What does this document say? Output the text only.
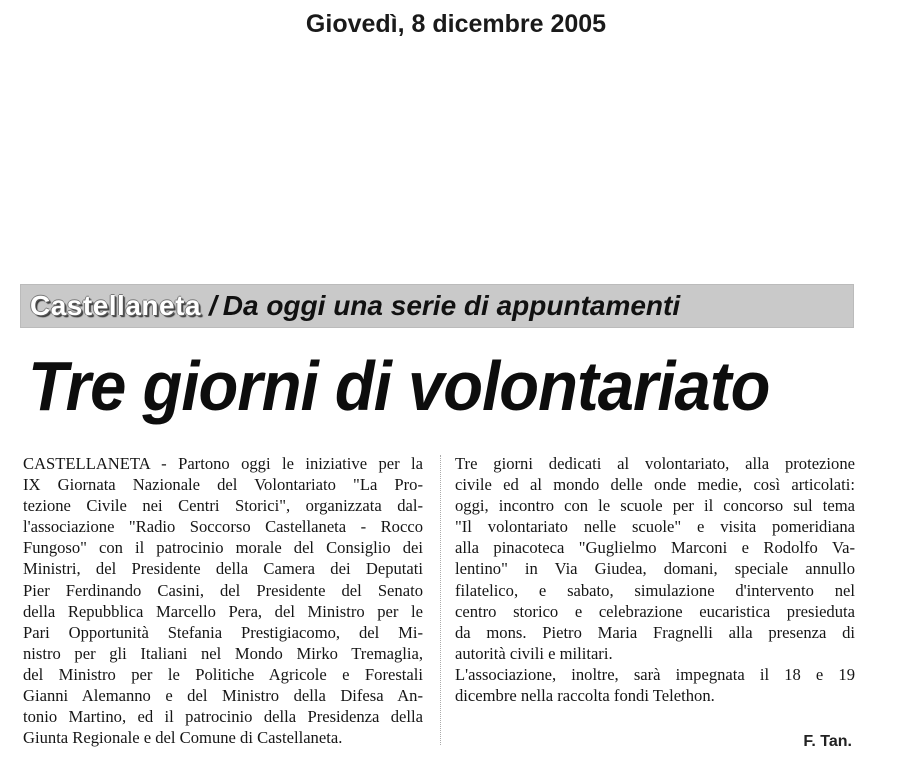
Giovedì, 8 dicembre 2005
Castellaneta / Da oggi una serie di appuntamenti
Tre giorni di volontariato
CASTELLANETA - Partono oggi le iniziative per la
IX Giornata Nazionale del Volontariato "La Pro-
tezione Civile nei Centri Storici", organizzata dal-
l'associazione "Radio Soccorso Castellaneta - Rocco
Fungoso" con il patrocinio morale del Consiglio dei
Ministri, del Presidente della Camera dei Deputati
Pier Ferdinando Casini, del Presidente del Senato
della Repubblica Marcello Pera, del Ministro per le
Pari Opportunità Stefania Prestigiacomo, del Mi-
nistro per gli Italiani nel Mondo Mirko Tremaglia,
del Ministro per le Politiche Agricole e Forestali
Gianni Alemanno e del Ministro della Difesa An-
tonio Martino, ed il patrocinio della Presidenza della
Giunta Regionale e del Comune di Castellaneta.
Tre giorni dedicati al volontariato, alla protezione
civile ed al mondo delle onde medie, così articolati:
oggi, incontro con le scuole per il concorso sul tema
"Il volontariato nelle scuole" e visita pomeridiana
alla pinacoteca "Guglielmo Marconi e Rodolfo Va-
lentino" in Via Giudea, domani, speciale annullo
filatelico, e sabato, simulazione d'intervento nel
centro storico e celebrazione eucaristica presieduta
da mons. Pietro Maria Fragnelli alla presenza di
autorità civili e militari.
L'associazione, inoltre, sarà impegnata il 18 e 19
dicembre nella raccolta fondi Telethon.
F. Tan.
